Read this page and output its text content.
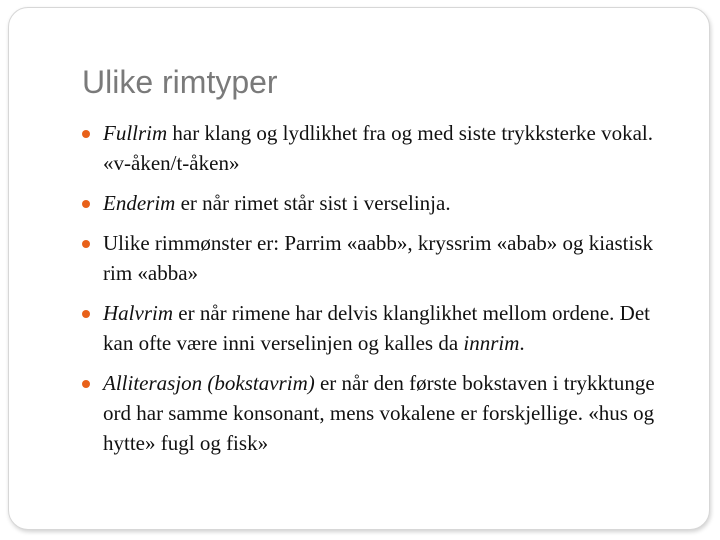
Ulike rimtyper
Fullrim har klang og lydlikhet fra og med siste trykksterke vokal. «v-åken/t-åken»
Enderim er når rimet står sist i verselinja.
Ulike rimmønster er: Parrim «aabb», kryssrim «abab» og kiastisk rim «abba»
Halvrim er når rimene har delvis klanglikhet mellom ordene. Det kan ofte være inni verselinjen og kalles da innrim.
Alliterasjon (bokstavrim) er når den første bokstaven i trykktunge ord har samme konsonant, mens vokalene er forskjellige. «hus og hytte» fugl og fisk»
